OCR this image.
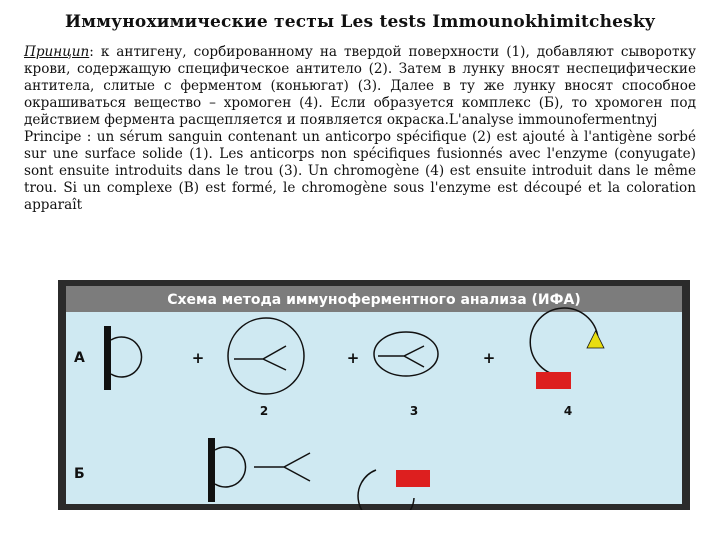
Иммунохимические тесты Les tests Immounokhimitchesky

Принцип: к антигену, сорбированному на твердой поверхности (1), добавляют сыворотку крови, содержащую специфическое антитело (2). Затем в лунку вносят неспецифические антитела, слитые с ферментом (коньюгат) (3). Далее в ту же лунку вносят способное окрашиваться вещество – хромоген (4). Если образуется комплекс (Б), то хромоген под действием фермента расщепляется и появляется окраска.L'analyse immounofermentnyj

Principe : un sérum sanguin contenant un anticorpo spécifique (2) est ajouté à l'antigène sorbé sur une surface solide (1). Les anticorps non spécifiques fusionnés avec l'enzyme (conyugate) sont ensuite introduits dans le trou (3). Un chromogène (4) est ensuite introduit dans le même trou. Si un complexe (B) est formé, le chromogène sous l'enzyme est découpé et la coloration apparaît

Схема метода иммуноферментного анализа (ИФА)
А	+
2
+
3
+
4
Б
